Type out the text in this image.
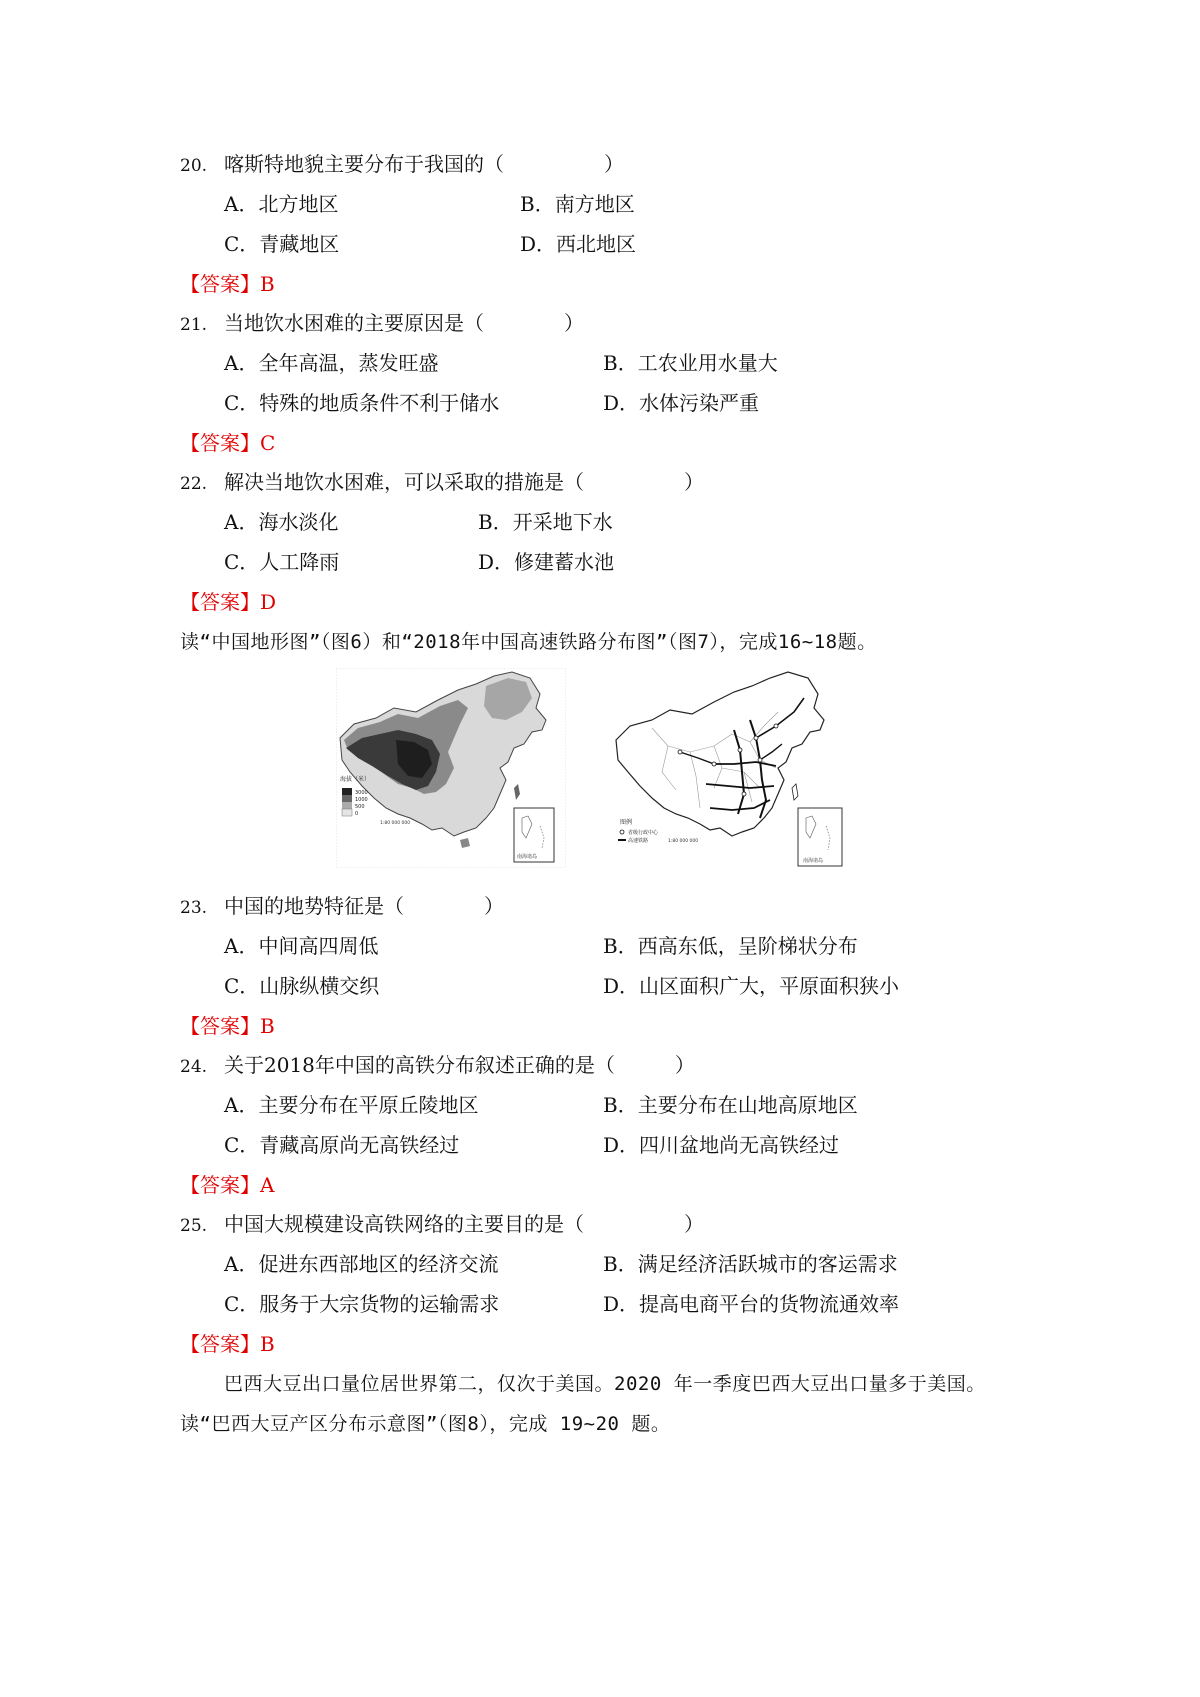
20. 喀斯特地貌主要分布于我国的（　　　　　）
A．北方地区	B．南方地区
C．青藏地区	D．西北地区
【答案】B
21. 当地饮水困难的主要原因是（　　　　）
A．全年高温，蒸发旺盛	B．工农业用水量大
C．特殊的地质条件不利于储水	D．水体污染严重
【答案】C
22. 解决当地饮水困难，可以采取的措施是（　　　　　）
A．海水淡化	B．开采地下水
C．人工降雨	D．修建蓄水池
【答案】D
读“中国地形图”（图6）和“2018年中国高速铁路分布图”（图7），完成16~18题。
海拔（米）
3000
1000
500
0
1:80 000 000
南海诸岛
图例
省级行政中心
高速铁路	1:80 000 000
南海诸岛
23. 中国的地势特征是（　　　　）
A．中间高四周低	B．西高东低，呈阶梯状分布
C．山脉纵横交织	D．山区面积广大，平原面积狭小
【答案】B
24. 关于2018年中国的高铁分布叙述正确的是（　　　）
A．主要分布在平原丘陵地区	B．主要分布在山地高原地区
C．青藏高原尚无高铁经过	D．四川盆地尚无高铁经过
【答案】A
25. 中国大规模建设高铁网络的主要目的是（　　　　　）
A．促进东西部地区的经济交流	B．满足经济活跃城市的客运需求
C．服务于大宗货物的运输需求	D．提高电商平台的货物流通效率
【答案】B
巴西大豆出口量位居世界第二，仅次于美国。2020 年一季度巴西大豆出口量多于美国。
读“巴西大豆产区分布示意图”（图8），完成 19~20 题。
